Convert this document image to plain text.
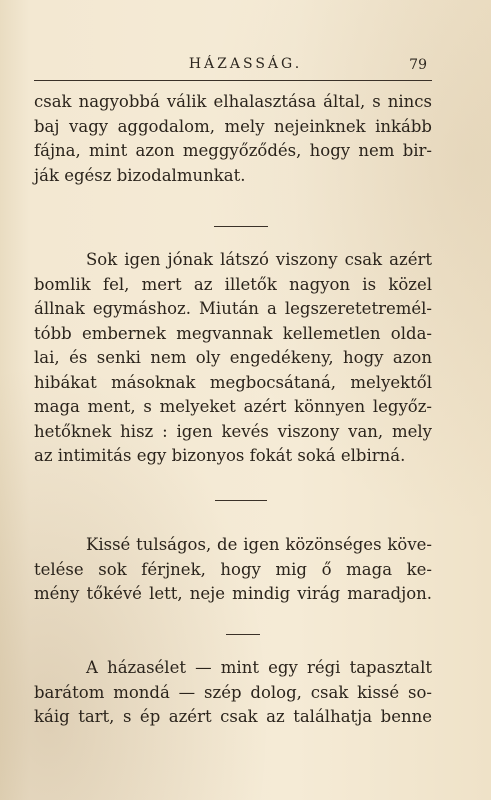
HÁZASSÁG.	79
csak nagyobbá válik elhalasztása által, s nincs
baj vagy aggodalom, mely nejeinknek inkább
fájna, mint azon meggyőződés, hogy nem bir-
ják egész bizodalmunkat.
Sok igen jónak látszó viszony csak azért
bomlik fel, mert az illetők nagyon is közel
állnak egymáshoz. Miután a legszeretetremél-
tóbb embernek megvannak kellemetlen olda-
lai, és senki nem oly engedékeny, hogy azon
hibákat másoknak megbocsátaná, melyektől
maga ment, s melyeket azért könnyen legyőz-
hetőknek hisz : igen kevés viszony van, mely
az intimitás egy bizonyos fokát soká elbirná.
Kissé tulságos, de igen közönséges köve-
telése sok férjnek, hogy mig ő maga ke-
mény tőkévé lett, neje mindig virág maradjon.
A házasélet — mint egy régi tapasztalt
barátom mondá — szép dolog, csak kissé so-
káig tart, s ép azért csak az találhatja benne
